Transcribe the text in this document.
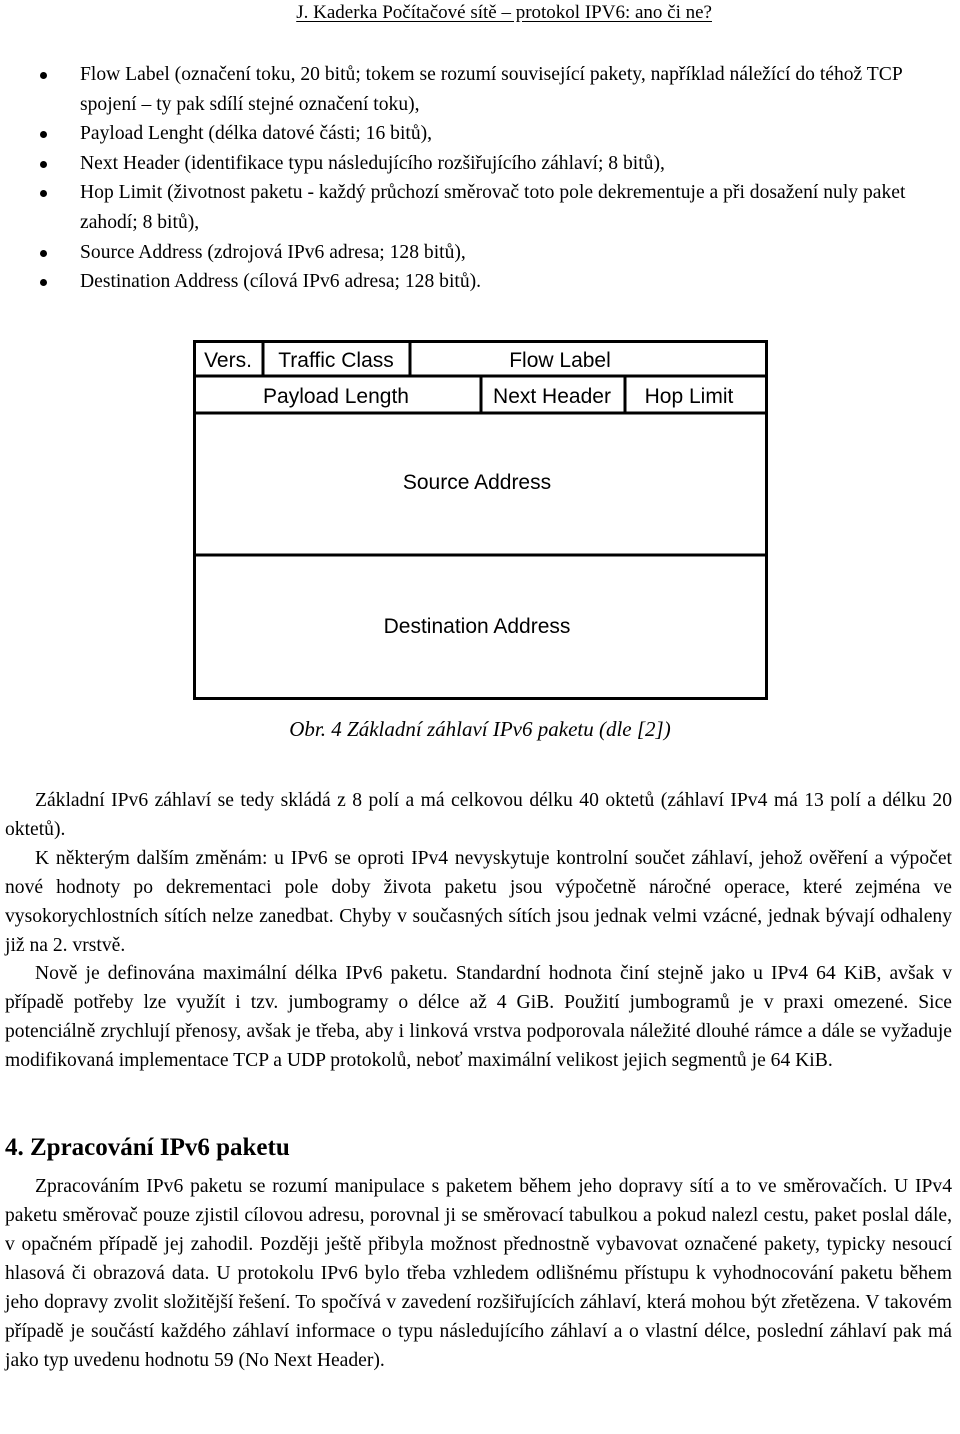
J. Kaderka Počítačové sítě – protokol IPV6: ano či ne?
Flow Label (označení toku, 20 bitů; tokem se rozumí související pakety, například náležící do téhož TCP spojení – ty pak sdílí stejné označení toku),
Payload Lenght (délka datové části; 16 bitů),
Next Header (identifikace typu následujícího rozšiřujícího záhlaví; 8 bitů),
Hop Limit (životnost paketu - každý průchozí směrovač toto pole dekrementuje a při dosažení nuly paket zahodí; 8 bitů),
Source Address (zdrojová IPv6 adresa; 128 bitů),
Destination Address (cílová IPv6 adresa; 128 bitů).
Vers. Traffic Class	Flow Label
Payload Length	Next Header Hop Limit
Source Address
Destination Address
Obr. 4 Základní záhlaví IPv6 paketu (dle [2])

Základní IPv6 záhlaví se tedy skládá z 8 polí a má celkovou délku 40 oktetů (záhlaví IPv4 má 13 polí a délku 20 oktetů).

K některým dalším změnám: u IPv6 se oproti IPv4 nevyskytuje kontrolní součet záhlaví, jehož ověření a výpočet nové hodnoty po dekrementaci pole doby života paketu jsou výpočetně náročné operace, které zejména ve vysokorychlostních sítích nelze zanedbat. Chyby v současných sítích jsou jednak velmi vzácné, jednak bývají odhaleny již na 2. vrstvě.

Nově je definována maximální délka IPv6 paketu. Standardní hodnota činí stejně jako u IPv4 64 KiB, avšak v případě potřeby lze využít i tzv. jumbogramy o délce až 4 GiB. Použití jumbogramů je v praxi omezené. Sice potenciálně zrychlují přenosy, avšak je třeba, aby i linková vrstva podporovala náležité dlouhé rámce a dále se vyžaduje modifikovaná implementace TCP a UDP protokolů, neboť maximální velikost jejich segmentů je 64 KiB.

4. Zpracování IPv6 paketu

Zpracováním IPv6 paketu se rozumí manipulace s paketem během jeho dopravy sítí a to ve směrovačích. U IPv4 paketu směrovač pouze zjistil cílovou adresu, porovnal ji se směrovací tabulkou a pokud nalezl cestu, paket poslal dále, v opačném případě jej zahodil. Později ještě přibyla možnost přednostně vybavovat označené pakety, typicky nesoucí hlasová či obrazová data. U protokolu IPv6 bylo třeba vzhledem odlišnému přístupu k vyhodnocování paketu během jeho dopravy zvolit složitější řešení. To spočívá v zavedení rozšiřujících záhlaví, která mohou být zřetězena. V takovém případě je součástí každého záhlaví informace o typu následujícího záhlaví a o vlastní délce, poslední záhlaví pak má jako typ uvedenu hodnotu 59 (No Next Header).
